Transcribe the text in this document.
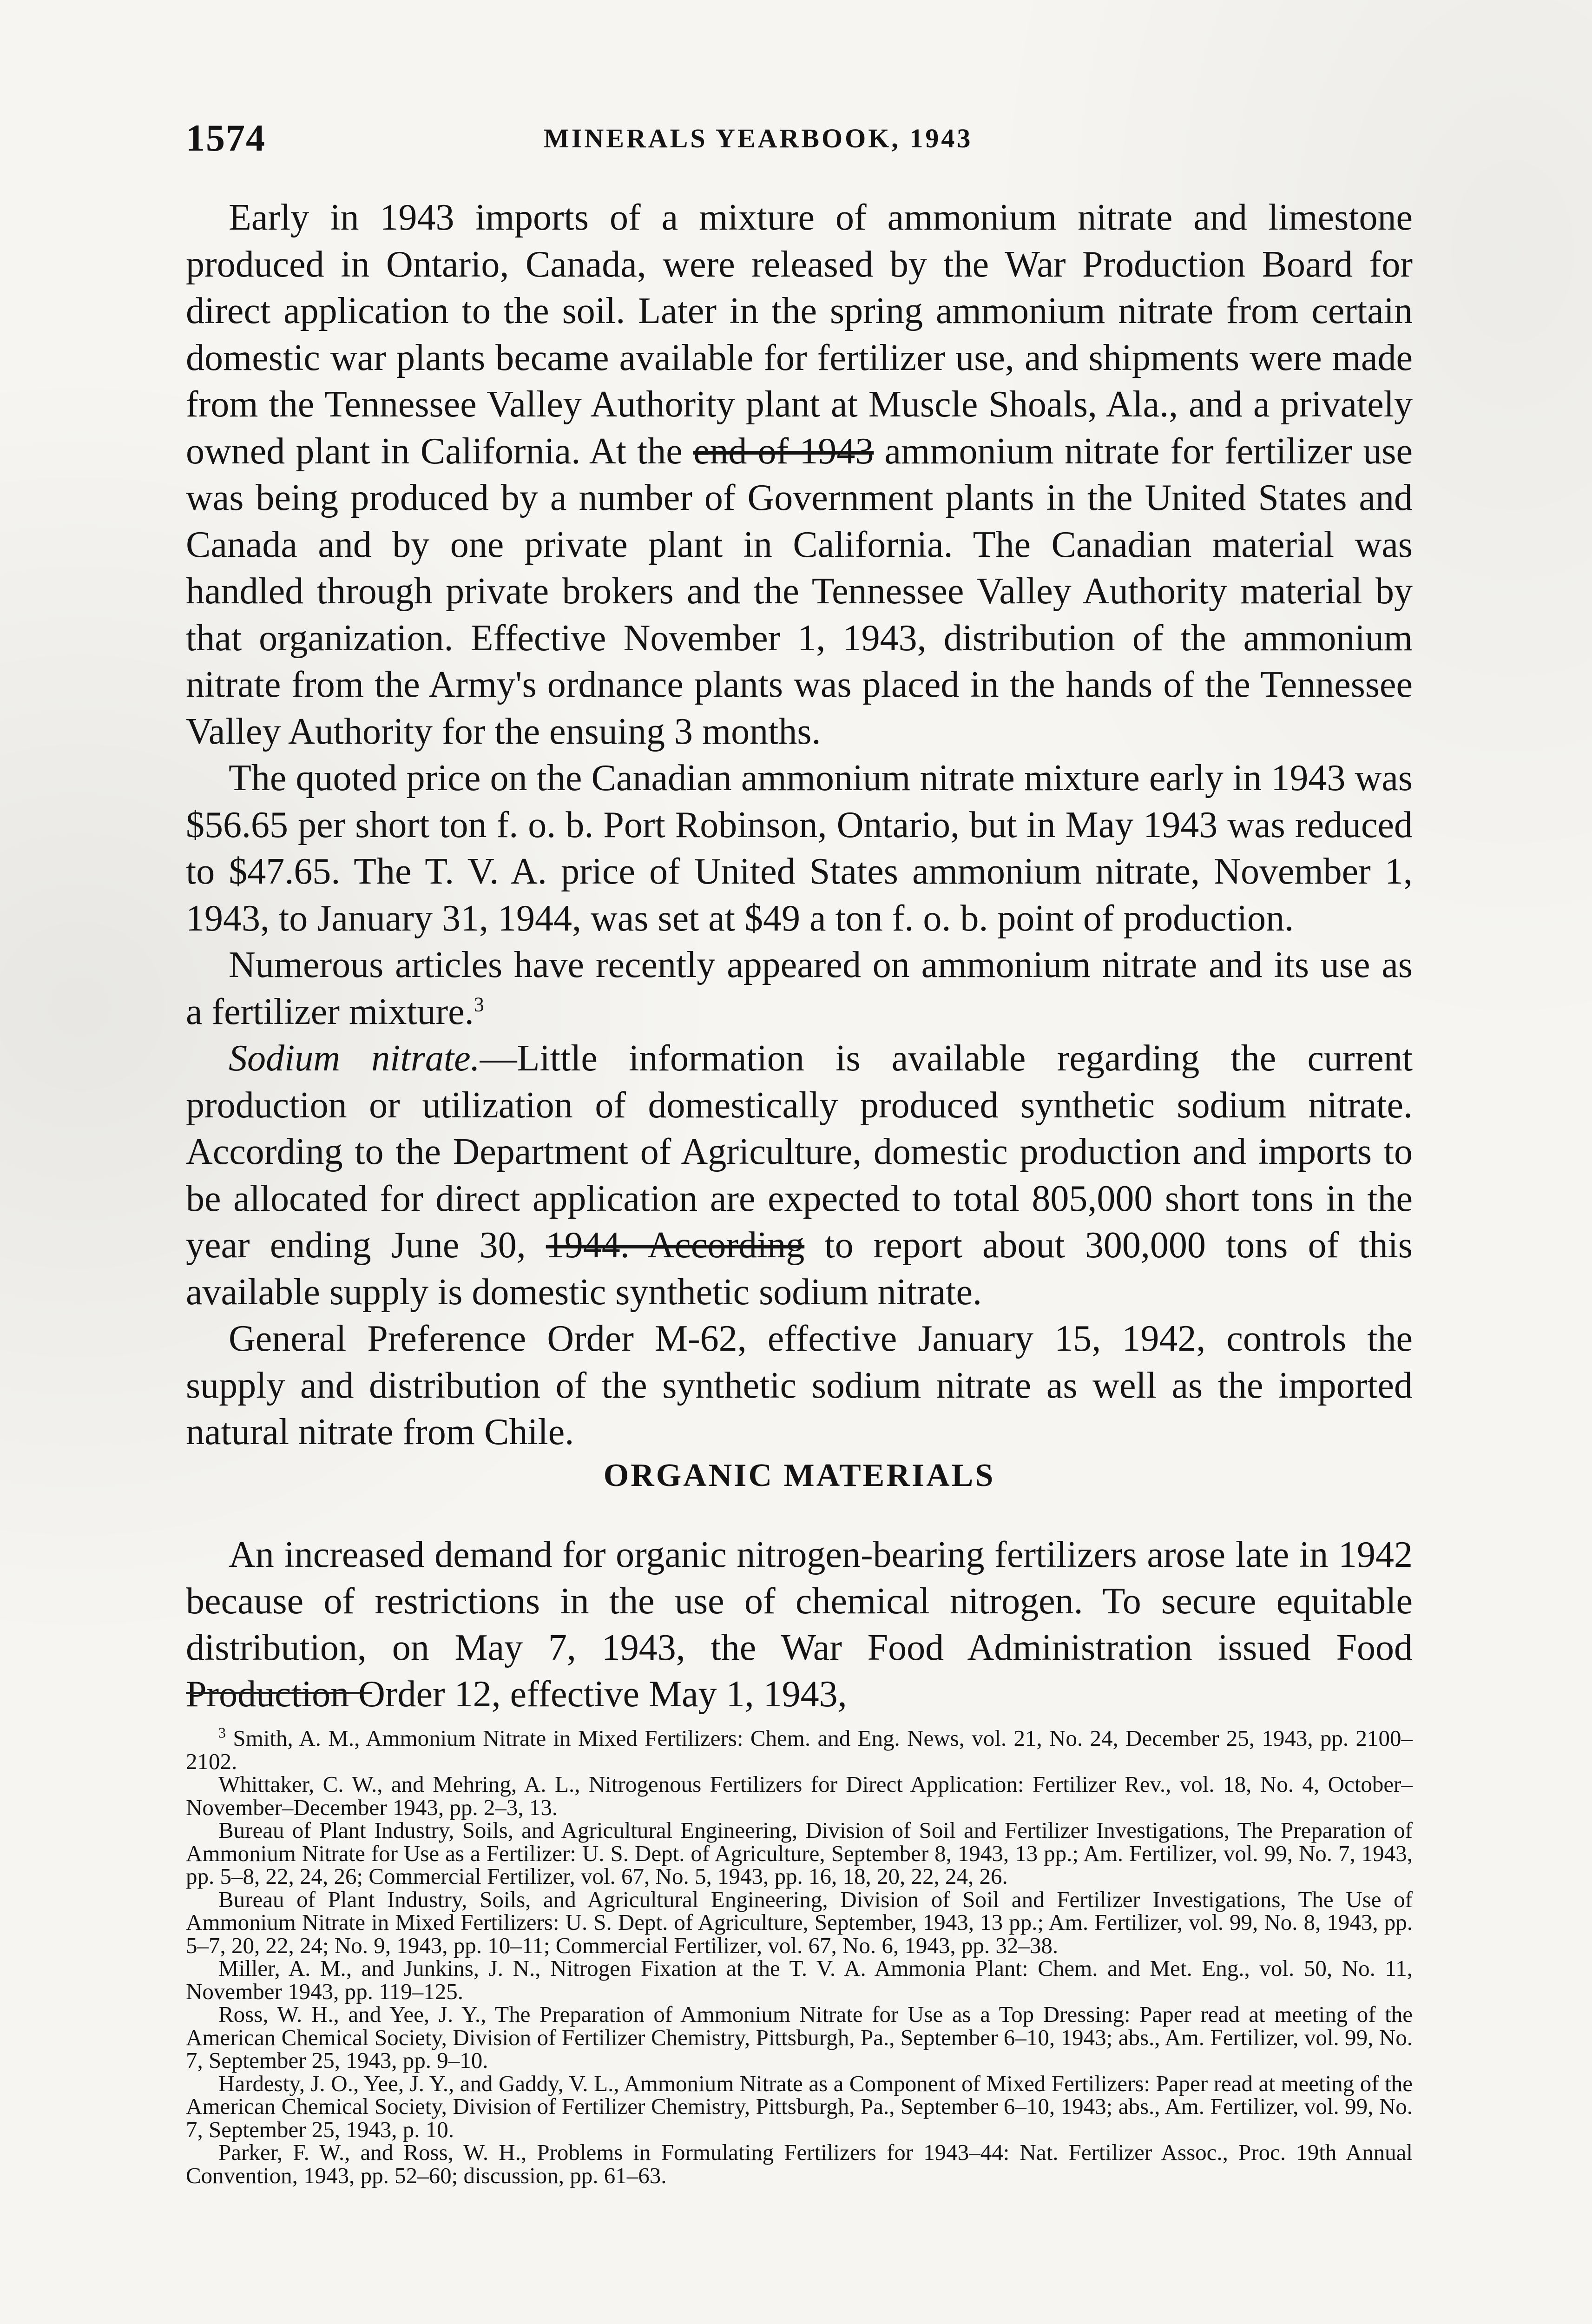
1574	MINERALS YEARBOOK, 1943

Early in 1943 imports of a mixture of ammonium nitrate and limestone produced in Ontario, Canada, were released by the War Production Board for direct application to the soil. Later in the spring ammonium nitrate from certain domestic war plants became available for fertilizer use, and shipments were made from the Tennessee Valley Authority plant at Muscle Shoals, Ala., and a privately owned plant in California. At the end of 1943 ammonium nitrate for fertilizer use was being produced by a number of Government plants in the United States and Canada and by one private plant in California. The Canadian material was handled through private brokers and the Tennessee Valley Authority material by that organization. Effective November 1, 1943, distribution of the ammonium nitrate from the Army's ordnance plants was placed in the hands of the Tennessee Valley Authority for the ensuing 3 months.

The quoted price on the Canadian ammonium nitrate mixture early in 1943 was $56.65 per short ton f. o. b. Port Robinson, Ontario, but in May 1943 was reduced to $47.65. The T. V. A. price of United States ammonium nitrate, November 1, 1943, to January 31, 1944, was set at $49 a ton f. o. b. point of production.

Numerous articles have recently appeared on ammonium nitrate and its use as a fertilizer mixture.$^3$

Sodium nitrate.—Little information is available regarding the current production or utilization of domestically produced synthetic sodium nitrate. According to the Department of Agriculture, domestic production and imports to be allocated for direct application are expected to total 805,000 short tons in the year ending June 30, 1944. According to report about 300,000 tons of this available supply is domestic synthetic sodium nitrate.

General Preference Order M-62, effective January 15, 1942, controls the supply and distribution of the synthetic sodium nitrate as well as the imported natural nitrate from Chile.

ORGANIC MATERIALS

An increased demand for organic nitrogen-bearing fertilizers arose late in 1942 because of restrictions in the use of chemical nitrogen. To secure equitable distribution, on May 7, 1943, the War Food Administration issued Food Production Order 12, effective May 1, 1943,

$^3$ Smith, A. M., Ammonium Nitrate in Mixed Fertilizers: Chem. and Eng. News, vol. 21, No. 24, December 25, 1943, pp. 2100–2102.

Whittaker, C. W., and Mehring, A. L., Nitrogenous Fertilizers for Direct Application: Fertilizer Rev., vol. 18, No. 4, October–November–December 1943, pp. 2–3, 13.

Bureau of Plant Industry, Soils, and Agricultural Engineering, Division of Soil and Fertilizer Investigations, The Preparation of Ammonium Nitrate for Use as a Fertilizer: U. S. Dept. of Agriculture, September 8, 1943, 13 pp.; Am. Fertilizer, vol. 99, No. 7, 1943, pp. 5–8, 22, 24, 26; Commercial Fertilizer, vol. 67, No. 5, 1943, pp. 16, 18, 20, 22, 24, 26.

Bureau of Plant Industry, Soils, and Agricultural Engineering, Division of Soil and Fertilizer Investigations, The Use of Ammonium Nitrate in Mixed Fertilizers: U. S. Dept. of Agriculture, September, 1943, 13 pp.; Am. Fertilizer, vol. 99, No. 8, 1943, pp. 5–7, 20, 22, 24; No. 9, 1943, pp. 10–11; Commercial Fertilizer, vol. 67, No. 6, 1943, pp. 32–38.

Miller, A. M., and Junkins, J. N., Nitrogen Fixation at the T. V. A. Ammonia Plant: Chem. and Met. Eng., vol. 50, No. 11, November 1943, pp. 119–125.

Ross, W. H., and Yee, J. Y., The Preparation of Ammonium Nitrate for Use as a Top Dressing: Paper read at meeting of the American Chemical Society, Division of Fertilizer Chemistry, Pittsburgh, Pa., September 6–10, 1943; abs., Am. Fertilizer, vol. 99, No. 7, September 25, 1943, pp. 9–10.

Hardesty, J. O., Yee, J. Y., and Gaddy, V. L., Ammonium Nitrate as a Component of Mixed Fertilizers: Paper read at meeting of the American Chemical Society, Division of Fertilizer Chemistry, Pittsburgh, Pa., September 6–10, 1943; abs., Am. Fertilizer, vol. 99, No. 7, September 25, 1943, p. 10.

Parker, F. W., and Ross, W. H., Problems in Formulating Fertilizers for 1943–44: Nat. Fertilizer Assoc., Proc. 19th Annual Convention, 1943, pp. 52–60; discussion, pp. 61–63.
